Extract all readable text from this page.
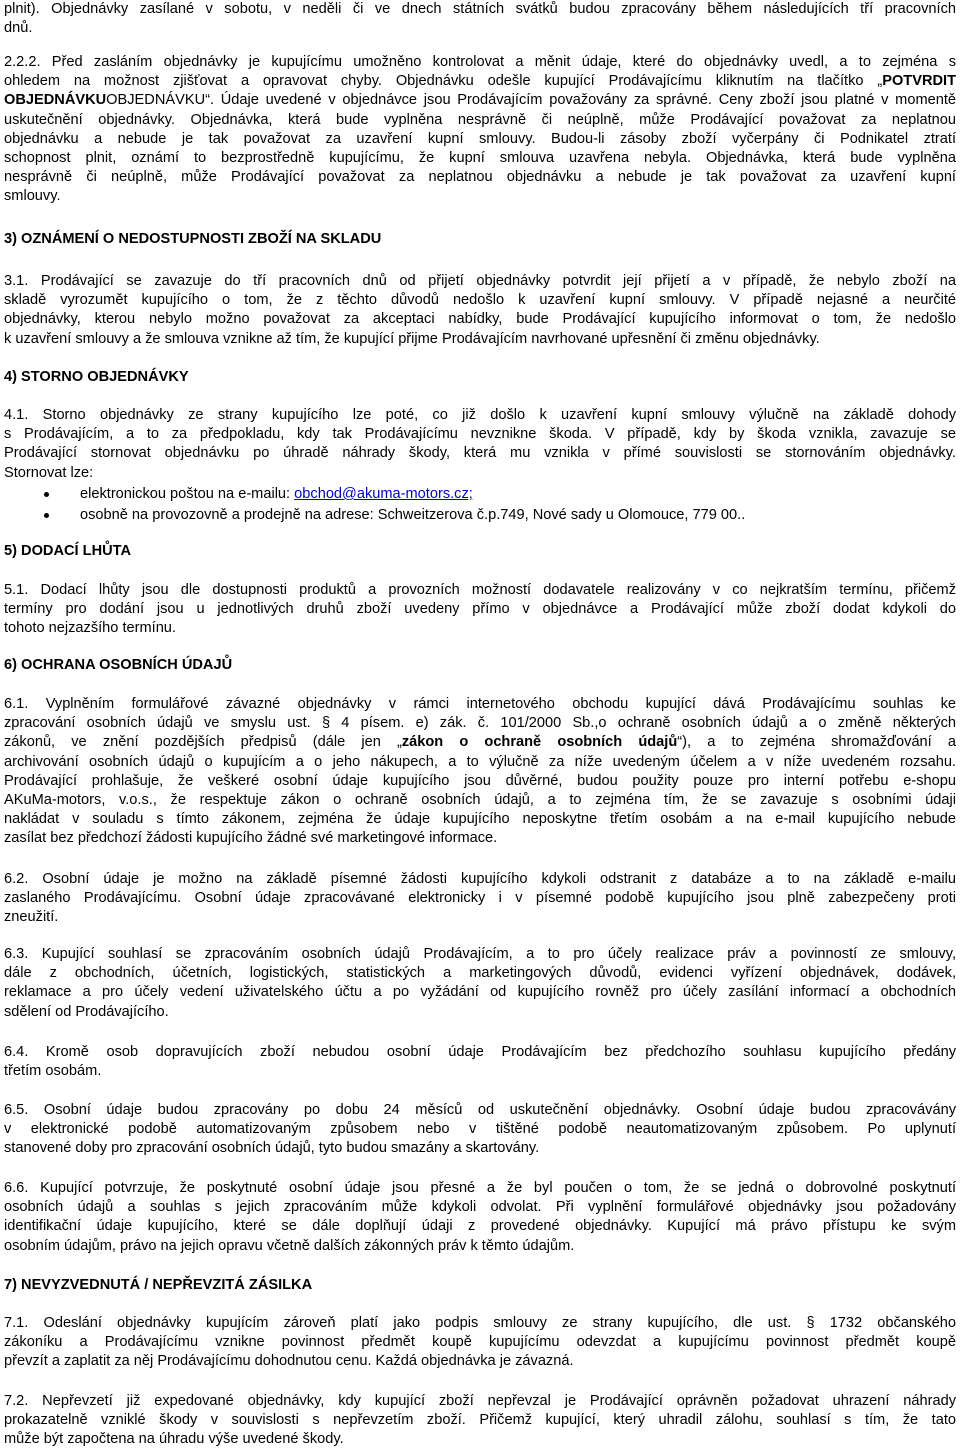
plnit). Objednávky zasílané v sobotu, v neděli či ve dnech státních svátků budou zpracovány během následujících tří pracovních
dnů.

2.2.2. Před zasláním objednávky je kupujícímu umožněno kontrolovat a měnit údaje, které do objednávky uvedl, a to zejména s
ohledem na možnost zjišťovat a opravovat chyby. Objednávku odešle kupující Prodávajícímu kliknutím na tlačítko „POTVRDIT
OBJEDNÁVKUOBJEDNÁVKU“. Údaje uvedené v objednávce jsou Prodávajícím považovány za správné. Ceny zboží jsou platné v momentě
uskutečnění objednávky. Objednávka, která bude vyplněna nesprávně či neúplně, může Prodávající považovat za neplatnou
objednávku a nebude je tak považovat za uzavření kupní smlouvy. Budou-li zásoby zboží vyčerpány či Podnikatel ztratí
schopnost plnit, oznámí to bezprostředně kupujícímu, že kupní smlouva uzavřena nebyla. Objednávka, která bude vyplněna
nesprávně či neúplně, může Prodávající považovat za neplatnou objednávku a nebude je tak považovat za uzavření kupní
smlouvy.

3) OZNÁMENÍ O NEDOSTUPNOSTI ZBOŽÍ NA SKLADU

3.1. Prodávající se zavazuje do tří pracovních dnů od přijetí objednávky potvrdit její přijetí a v případě, že nebylo zboží na
skladě vyrozumět kupujícího o tom, že z těchto důvodů nedošlo k uzavření kupní smlouvy. V případě nejasné a neurčité
objednávky, kterou nebylo možno považovat za akceptaci nabídky, bude Prodávající kupujícího informovat o tom, že nedošlo
k uzavření smlouvy a že smlouva vznikne až tím, že kupující přijme Prodávajícím navrhované upřesnění či změnu objednávky.

4) STORNO OBJEDNÁVKY

4.1. Storno objednávky ze strany kupujícího lze poté, co již došlo k uzavření kupní smlouvy výlučně na základě dohody
s Prodávajícím, a to za předpokladu, kdy tak Prodávajícímu nevznikne škoda. V případě, kdy by škoda vznikla, zavazuje se
Prodávající stornovat objednávku po úhradě náhrady škody, která mu vznikla v přímé souvislosti se stornováním objednávky.
Stornovat lze:

elektronickou poštou na e-mailu: obchod@akuma-motors.cz;
osobně na provozovně a prodejně na adrese: Schweitzerova č.p.749, Nové sady u Olomouce, 779 00..
5) DODACÍ LHŮTA

5.1. Dodací lhůty jsou dle dostupnosti produktů a provozních možností dodavatele realizovány v co nejkratším termínu, přičemž
termíny pro dodání jsou u jednotlivých druhů zboží uvedeny přímo v objednávce a Prodávající může zboží dodat kdykoli do
tohoto nejzazšího termínu.

6) OCHRANA OSOBNÍCH ÚDAJŮ

6.1. Vyplněním formulářové závazné objednávky v rámci internetového obchodu kupující dává Prodávajícímu souhlas ke
zpracování osobních údajů ve smyslu ust. § 4 písem. e) zák. č. 101/2000 Sb.,o ochraně osobních údajů a o změně některých
zákonů, ve znění pozdějších předpisů (dále jen „zákon o ochraně osobních údajů“), a to zejména shromažďování a
archivování osobních údajů o kupujícím a o jeho nákupech, a to výlučně za níže uvedeným účelem a v níže uvedeném rozsahu.
Prodávající prohlašuje, že veškeré osobní údaje kupujícího jsou důvěrné, budou použity pouze pro interní potřebu e-shopu
AKuMa-motors, v.o.s., že respektuje zákon o ochraně osobních údajů, a to zejména tím, že se zavazuje s osobními údaji
nakládat v souladu s tímto zákonem, zejména že údaje kupujícího neposkytne třetím osobám a na e-mail kupujícího nebude
zasílat bez předchozí žádosti kupujícího žádné své marketingové informace.

6.2. Osobní údaje je možno na základě písemné žádosti kupujícího kdykoli odstranit z databáze a to na základě e-mailu
zaslaného Prodávajícímu. Osobní údaje zpracovávané elektronicky i v písemné podobě kupujícího jsou plně zabezpečeny proti
zneužití.

6.3. Kupující souhlasí se zpracováním osobních údajů Prodávajícím, a to pro účely realizace práv a povinností ze smlouvy,
dále z obchodních, účetních, logistických, statistických a marketingových důvodů, evidenci vyřízení objednávek, dodávek,
reklamace a pro účely vedení uživatelského účtu a po vyžádání od kupujícího rovněž pro účely zasílání informací a obchodních
sdělení od Prodávajícího.

6.4. Kromě osob dopravujících zboží nebudou osobní údaje Prodávajícím bez předchozího souhlasu kupujícího předány
třetím osobám.

6.5. Osobní údaje budou zpracovány po dobu 24 měsíců od uskutečnění objednávky. Osobní údaje budou zpracovávány
v elektronické podobě automatizovaným způsobem nebo v tištěné podobě neautomatizovaným způsobem. Po uplynutí
stanovené doby pro zpracování osobních údajů, tyto budou smazány a skartovány.

6.6. Kupující potvrzuje, že poskytnuté osobní údaje jsou přesné a že byl poučen o tom, že se jedná o dobrovolné poskytnutí
osobních údajů a souhlas s jejich zpracováním může kdykoli odvolat. Při vyplnění formulářové objednávky jsou požadovány
identifikační údaje kupujícího, které se dále doplňují údaji z provedené objednávky. Kupující má právo přístupu ke svým
osobním údajům, právo na jejich opravu včetně dalších zákonných práv k těmto údajům.

7) NEVYZVEDNUTÁ / NEPŘEVZITÁ ZÁSILKA

7.1. Odeslání objednávky kupujícím zároveň platí jako podpis smlouvy ze strany kupujícího, dle ust. § 1732 občanského
zákoníku a Prodávajícímu vznikne povinnost předmět koupě kupujícímu odevzdat a kupujícímu povinnost předmět koupě
převzít a zaplatit za něj Prodávajícímu dohodnutou cenu. Každá objednávka je závazná.

7.2. Nepřevzetí již expedované objednávky, kdy kupující zboží nepřevzal je Prodávající oprávněn požadovat uhrazení náhrady
prokazatelně vzniklé škody v souvislosti s nepřevzetím zboží. Přičemž kupující, který uhradil zálohu, souhlasí s tím, že tato
může být započtena na úhradu výše uvedené škody.
